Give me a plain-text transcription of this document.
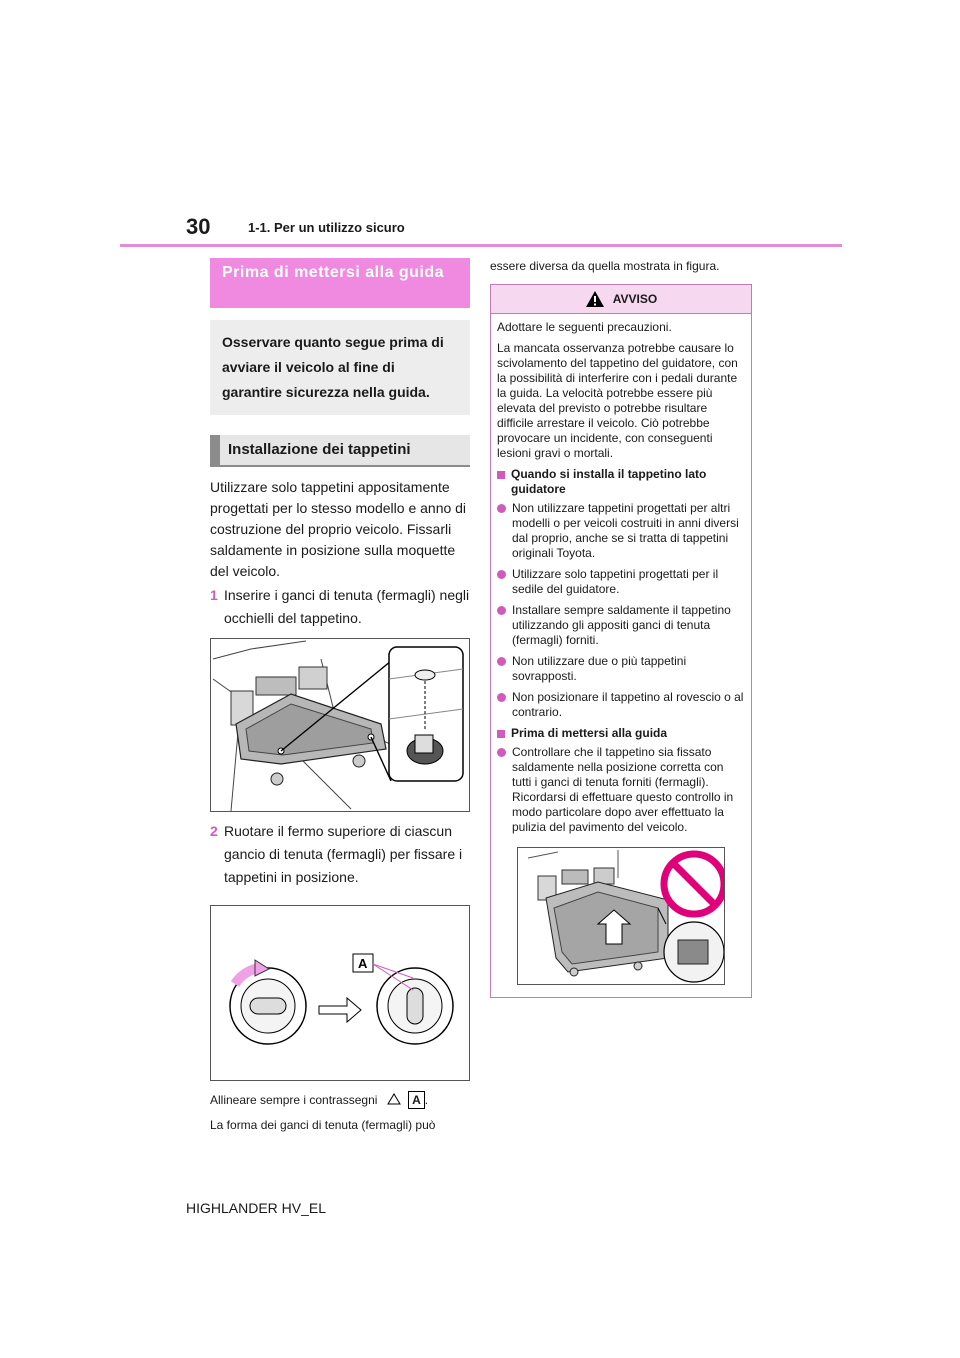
30	1-1. Per un utilizzo sicuro
Prima di mettersi alla guida
Osservare quanto segue prima di avviare il veicolo al fine di garantire sicurezza nella guida.
Installazione dei tappetini
Utilizzare solo tappetini appositamente progettati per lo stesso modello e anno di costruzione del proprio veicolo. Fissarli saldamente in posizione sulla moquette del veicolo.
1 Inserire i ganci di tenuta (fermagli) negli occhielli del tappetino.
2 Ruotare il fermo superiore di ciascun gancio di tenuta (fermagli) per fissare i tappetini in posizione.
A
Allineare sempre i contrassegni	A .
La forma dei ganci di tenuta (fermagli) può
essere diversa da quella mostrata in figura.
AVVISO

Adottare le seguenti precauzioni.

La mancata osservanza potrebbe causare lo scivolamento del tappetino del guidatore, con la possibilità di interferire con i pedali durante la guida. La velocità potrebbe essere più elevata del previsto o potrebbe risultare difficile arrestare il veicolo. Ciò potrebbe provocare un incidente, con conseguenti lesioni gravi o mortali.

Quando si installa il tappetino lato guidatore
Non utilizzare tappetini progettati per altri modelli o per veicoli costruiti in anni diversi dal proprio, anche se si tratta di tappetini originali Toyota.
Utilizzare solo tappetini progettati per il sedile del guidatore.
Installare sempre saldamente il tappetino utilizzando gli appositi ganci di tenuta (fermagli) forniti.
Non utilizzare due o più tappetini sovrapposti.
Non posizionare il tappetino al rovescio o al contrario.
Prima di mettersi alla guida
Controllare che il tappetino sia fissato saldamente nella posizione corretta con tutti i ganci di tenuta forniti (fermagli). Ricordarsi di effettuare questo controllo in modo particolare dopo aver effettuato la pulizia del pavimento del veicolo.
HIGHLANDER HV_EL
